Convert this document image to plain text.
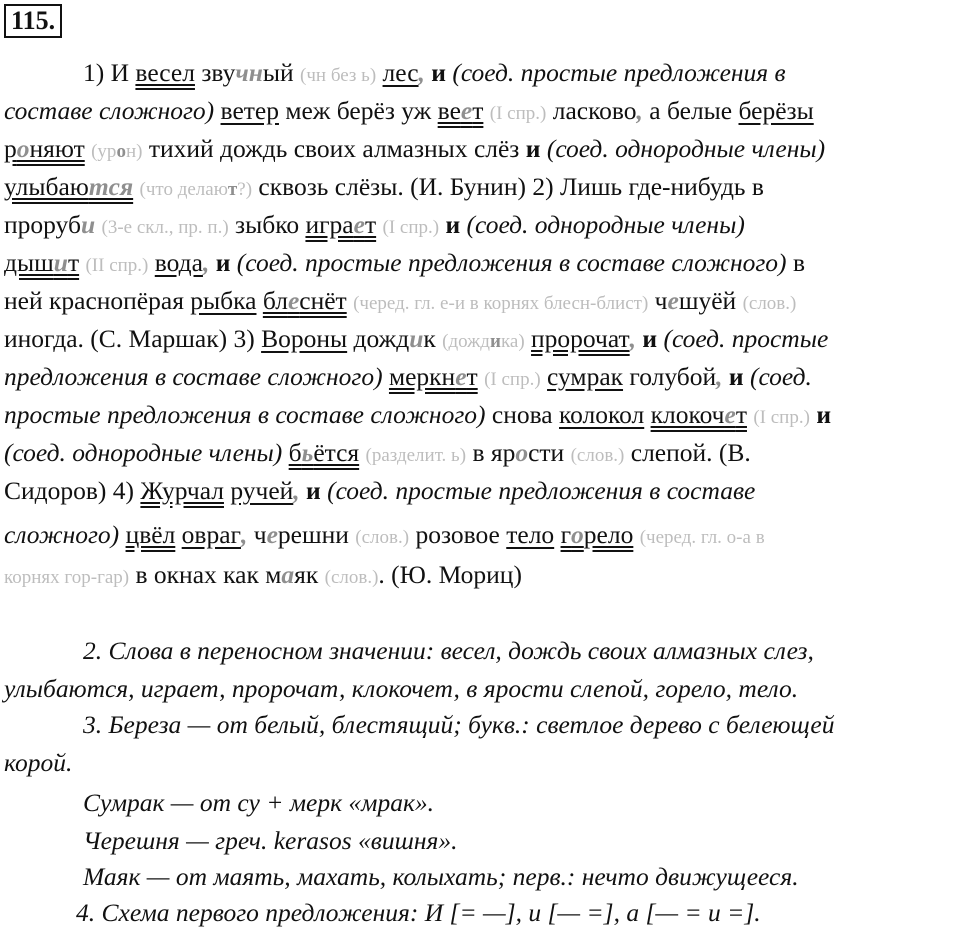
115.
1) И весел звучный (чн без ь) лес, и (соед. простые предложения в
составе сложного) ветер меж берёз уж веет (I спр.) ласково, а белые берёзы
роняют (урон) тихий дождь своих алмазных слёз и (соед. однородные члены)
улыбаются (что делают?) сквозь слёзы. (И. Бунин) 2) Лишь где-нибудь в
проруби (3-е скл., пр. п.) зыбко играет (I спр.) и (соед. однородные члены)
дышит (II спр.) вода, и (соед. простые предложения в составе сложного) в
ней краснопёрая рыбка блеснёт (черед. гл. е-и в корнях блесн-блист) чешуёй (слов.)
иногда. (С. Маршак) 3) Вороны дождик (дождика) пророчат, и (соед. простые
предложения в составе сложного) меркнет (I спр.) сумрак голубой, и (соед.
простые предложения в составе сложного) снова колокол клокочет (I спр.) и
(соед. однородные члены) бьётся (разделит. ь) в ярости (слов.) слепой. (В.
Сидоров) 4) Журчал ручей, и (соед. простые предложения в составе
сложного) цвёл овраг, черешни (слов.) розовое тело горело (черед. гл. о-а в
корнях гор-гар) в окнах как маяк (слов.). (Ю. Мориц)
2. Слова в переносном значении: весел, дождь своих алмазных слез,
улыбаются, играет, пророчат, клокочет, в ярости слепой, горело, тело.
3. Береза — от белый, блестящий; букв.: светлое дерево с белеющей
корой.
Сумрак — от су + мерк «мрак».
Черешня — греч. kerasos «вишня».
Маяк — от маять, махать, колыхать; перв.: нечто движущееся.
4. Схема первого предложения: И [= —], и [— =], а [— = и =].
